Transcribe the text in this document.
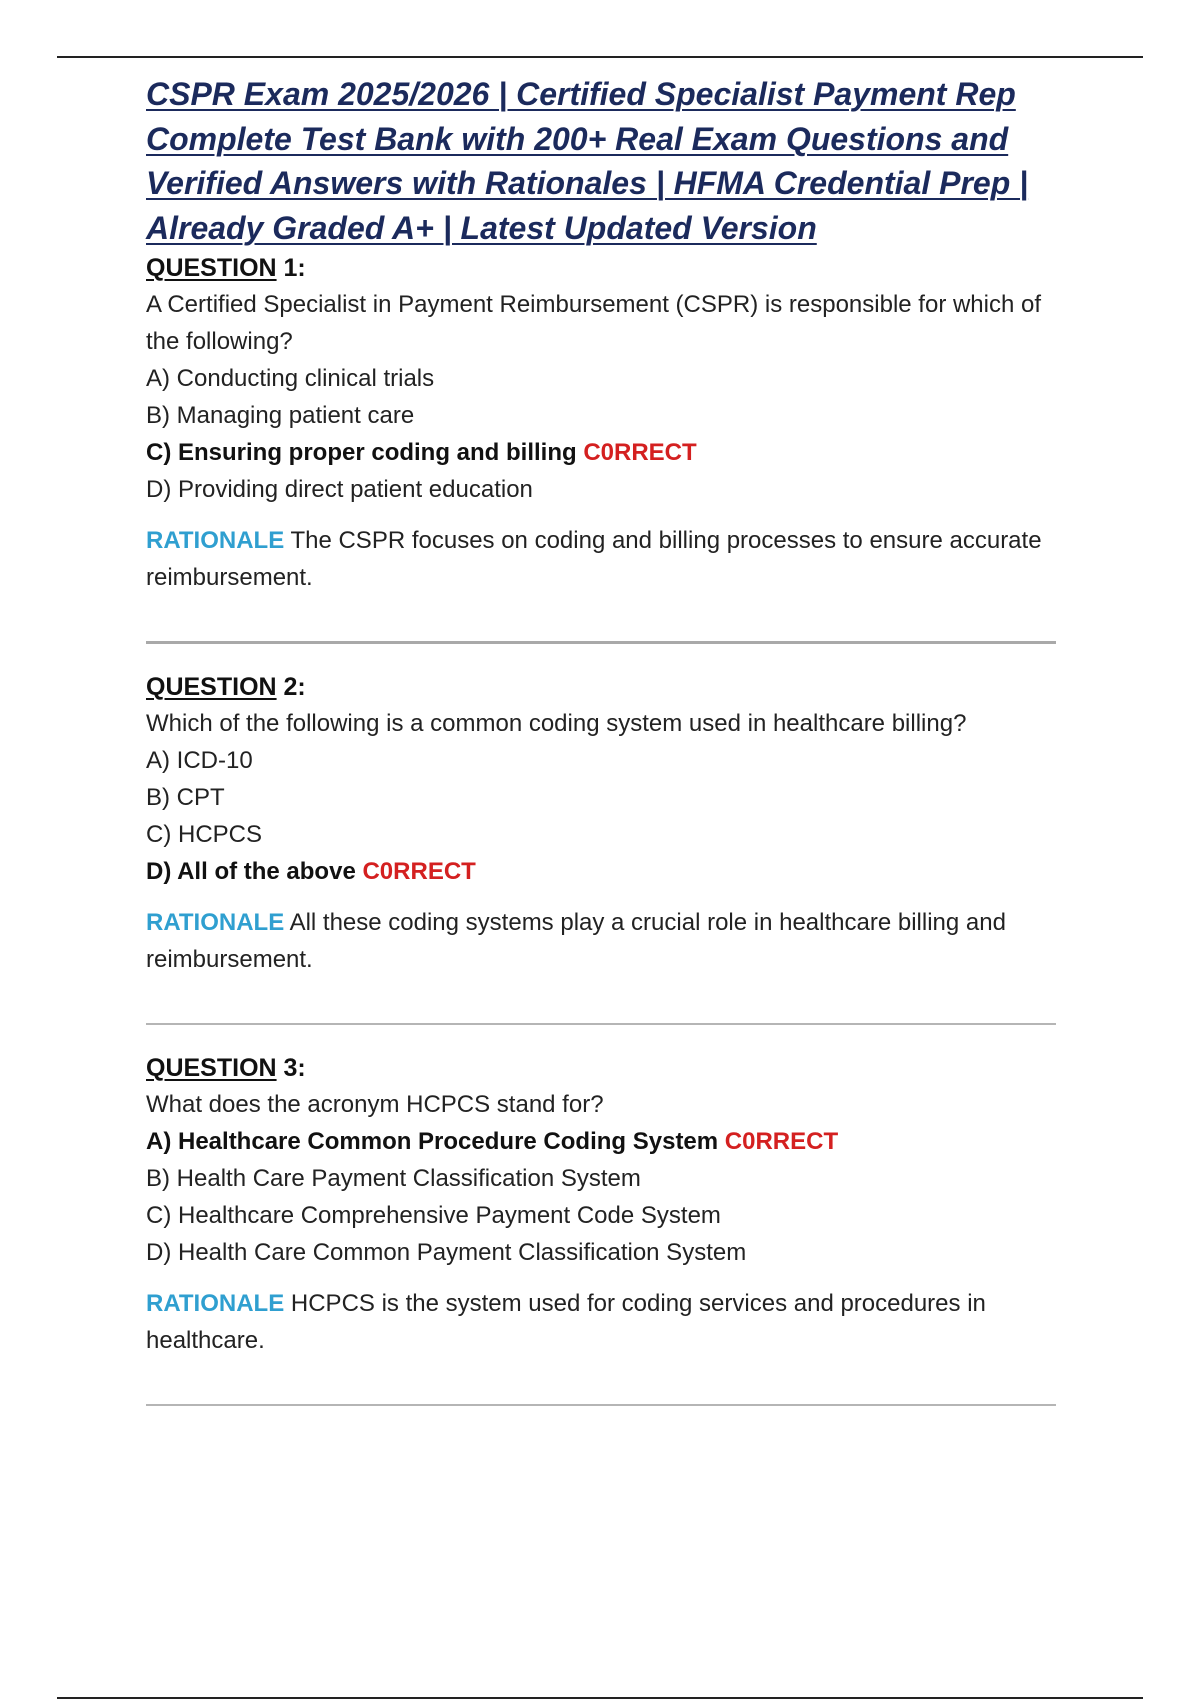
CSPR Exam 2025/2026 | Certified Specialist Payment Rep Complete Test Bank with 200+ Real Exam Questions and Verified Answers with Rationales | HFMA Credential Prep | Already Graded A+ | Latest Updated Version
QUESTION 1:
A Certified Specialist in Payment Reimbursement (CSPR) is responsible for which of the following?
A) Conducting clinical trials
B) Managing patient care
C) Ensuring proper coding and billing C0RRECT
D) Providing direct patient education
RATIONALE The CSPR focuses on coding and billing processes to ensure accurate reimbursement.
QUESTION 2:
Which of the following is a common coding system used in healthcare billing?
A) ICD-10
B) CPT
C) HCPCS
D) All of the above C0RRECT
RATIONALE All these coding systems play a crucial role in healthcare billing and reimbursement.
QUESTION 3:
What does the acronym HCPCS stand for?
A) Healthcare Common Procedure Coding System C0RRECT
B) Health Care Payment Classification System
C) Healthcare Comprehensive Payment Code System
D) Health Care Common Payment Classification System
RATIONALE HCPCS is the system used for coding services and procedures in healthcare.
